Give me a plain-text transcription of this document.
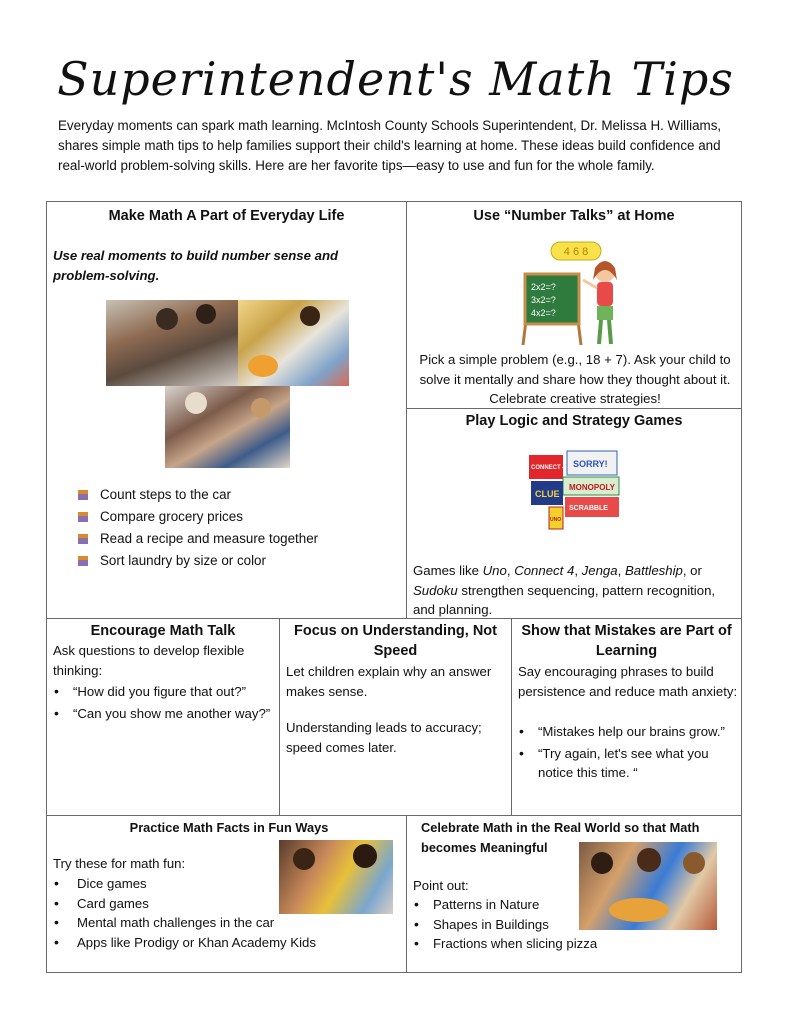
Superintendent's Math Tips
Everyday moments can spark math learning. McIntosh County Schools Superintendent, Dr. Melissa H. Williams, shares simple math tips to help families support their child's learning at home. These ideas build confidence and real-world problem-solving skills. Here are her favorite tips—easy to use and fun for the whole family.
Make Math A Part of Everyday Life
Use real moments to build number sense and problem-solving.
Count steps to the car
Compare grocery prices
Read a recipe and measure together
Sort laundry by size or color
Use “Number Talks” at Home
4 6 8
2x2=?
3x2=?
4x2=?
Pick a simple problem (e.g., 18 + 7). Ask your child to solve it mentally and share how they thought about it. Celebrate creative strategies!
Play Logic and Strategy Games
CONNECT 4 SORRY!
MONOPOLY
CLUE
SCRABBLE
UNO
Games like Uno, Connect 4, Jenga, Battleship, or Sudoku strengthen sequencing, pattern recognition, and planning.
Encourage Math Talk
Ask questions to develop flexible thinking:
• “How did you figure that out?”
• “Can you show me another way?”
Focus on Understanding, Not Speed
Let children explain why an answer makes sense.
Understanding leads to accuracy; speed comes later.
Show that Mistakes are Part of Learning
Say encouraging phrases to build persistence and reduce math anxiety:
• “Mistakes help our brains grow.”
• “Try again, let's see what you notice this time. “
Practice Math Facts in Fun Ways
Try these for math fun:
• Dice games
• Card games
• Mental math challenges in the car
• Apps like Prodigy or Khan Academy Kids
Celebrate Math in the Real World so that Math becomes Meaningful
Point out:
• Patterns in Nature
• Shapes in Buildings
• Fractions when slicing pizza
